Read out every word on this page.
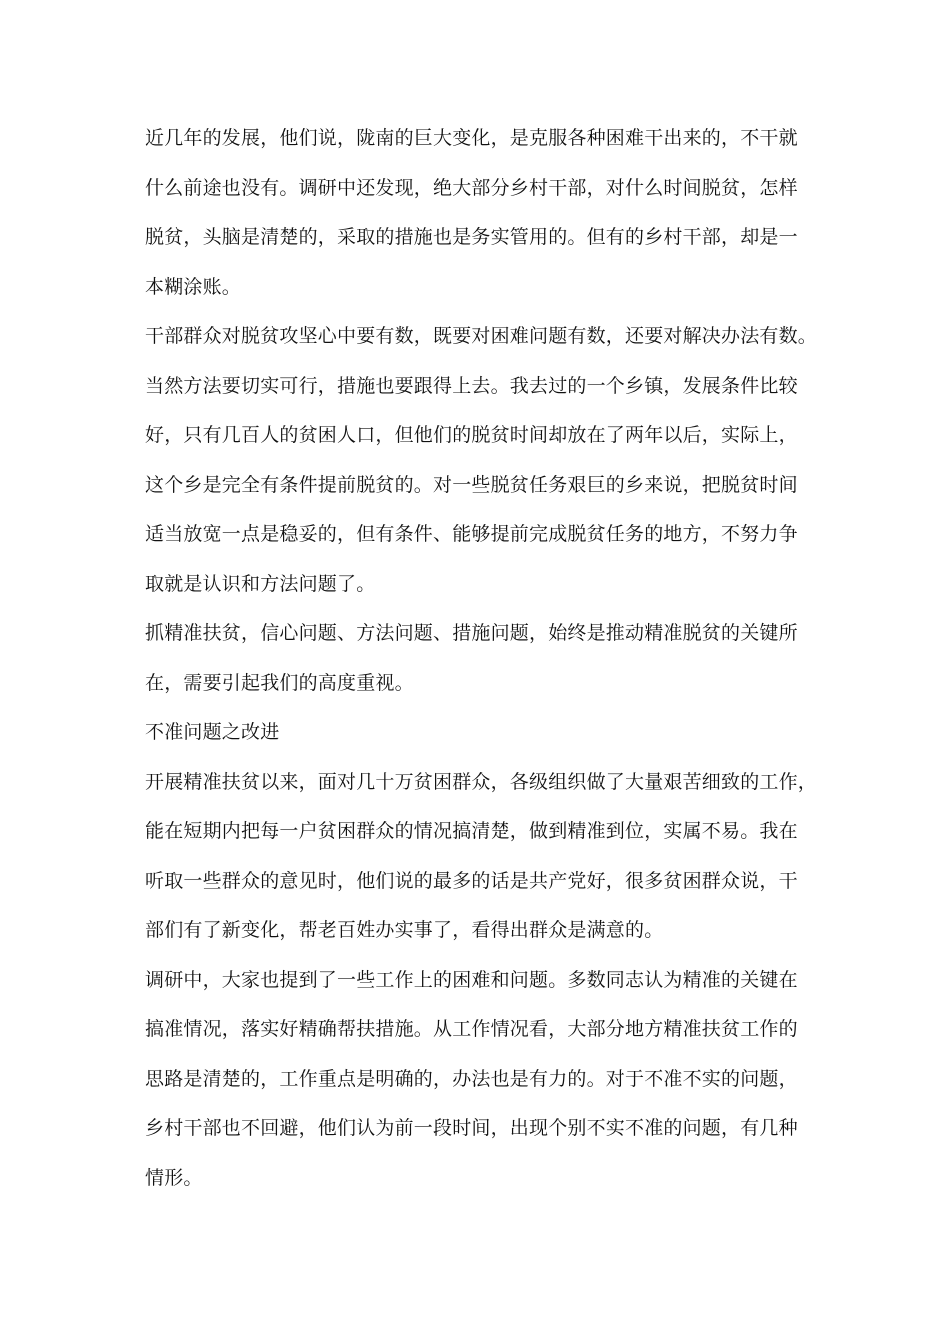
近几年的发展，他们说，陇南的巨大变化，是克服各种困难干出来的，不干就
什么前途也没有。调研中还发现，绝大部分乡村干部，对什么时间脱贫，怎样
脱贫，头脑是清楚的，采取的措施也是务实管用的。但有的乡村干部，却是一
本糊涂账。
干部群众对脱贫攻坚心中要有数，既要对困难问题有数，还要对解决办法有数。
当然方法要切实可行，措施也要跟得上去。我去过的一个乡镇，发展条件比较
好，只有几百人的贫困人口，但他们的脱贫时间却放在了两年以后，实际上，
这个乡是完全有条件提前脱贫的。对一些脱贫任务艰巨的乡来说，把脱贫时间
适当放宽一点是稳妥的，但有条件、能够提前完成脱贫任务的地方，不努力争
取就是认识和方法问题了。
抓精准扶贫，信心问题、方法问题、措施问题，始终是推动精准脱贫的关键所
在，需要引起我们的高度重视。
不准问题之改进
开展精准扶贫以来，面对几十万贫困群众，各级组织做了大量艰苦细致的工作，
能在短期内把每一户贫困群众的情况搞清楚，做到精准到位，实属不易。我在
听取一些群众的意见时，他们说的最多的话是共产党好，很多贫困群众说，干
部们有了新变化，帮老百姓办实事了，看得出群众是满意的。
调研中，大家也提到了一些工作上的困难和问题。多数同志认为精准的关键在
搞准情况，落实好精确帮扶措施。从工作情况看，大部分地方精准扶贫工作的
思路是清楚的，工作重点是明确的，办法也是有力的。对于不准不实的问题，
乡村干部也不回避，他们认为前一段时间，出现个别不实不准的问题，有几种
情形。
